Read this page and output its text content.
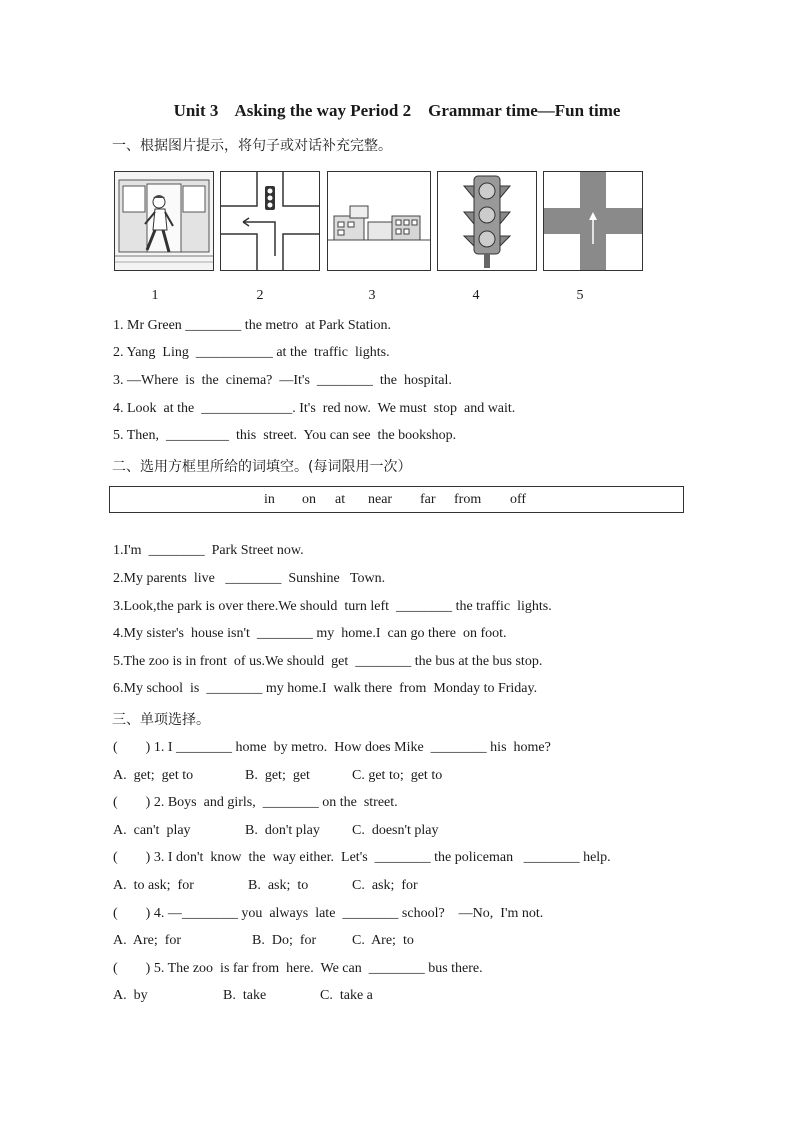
Unit 3    Asking the way Period 2    Grammar time—Fun time
一、根据图片提示，将句子或对话补充完整。
1	2	3	4	5
1. Mr Green ________ the metro  at Park Station.
2. Yang  Ling  ___________ at the  traffic  lights.
3. —Where  is  the  cinema?  —It's  ________  the  hospital.
4. Look  at the  _____________. It's  red now.  We must  stop  and wait.
5. Then,  _________  this  street.  You can see  the bookshop.
二、选用方框里所给的词填空。(每词限用一次）
in on at near far from off
1.I'm  ________  Park Street now.
2.My parents  live   ________  Sunshine   Town.
3.Look,the park is over there.We should  turn left  ________ the traffic  lights.
4.My sister's  house isn't  ________ my  home.I  can go there  on foot.
5.The zoo is in front  of us.We should  get  ________ the bus at the bus stop.
6.My school  is  ________ my home.I  walk there  from  Monday to Friday.
三、单项选择。
(        ) 1. I ________ home  by metro.  How does Mike  ________ his  home?
A.  get;  get to	B.  get;  get	C. get to;  get to
(        ) 2. Boys  and girls,  ________ on the  street.
A.  can't  play	B.  don't play C.  doesn't play
(        ) 3. I don't  know  the  way either.  Let's  ________ the policeman   ________ help.
A.  to ask;  for	B.  ask;  to	C.  ask;  for
(        ) 4. —________ you  always  late  ________ school?    —No,  I'm not.
A.  Are;  for	B.  Do;  for	C.  Are;  to
(        ) 5. The zoo  is far from  here.  We can  ________ bus there.
A.  by	B.  take	C.  take a
